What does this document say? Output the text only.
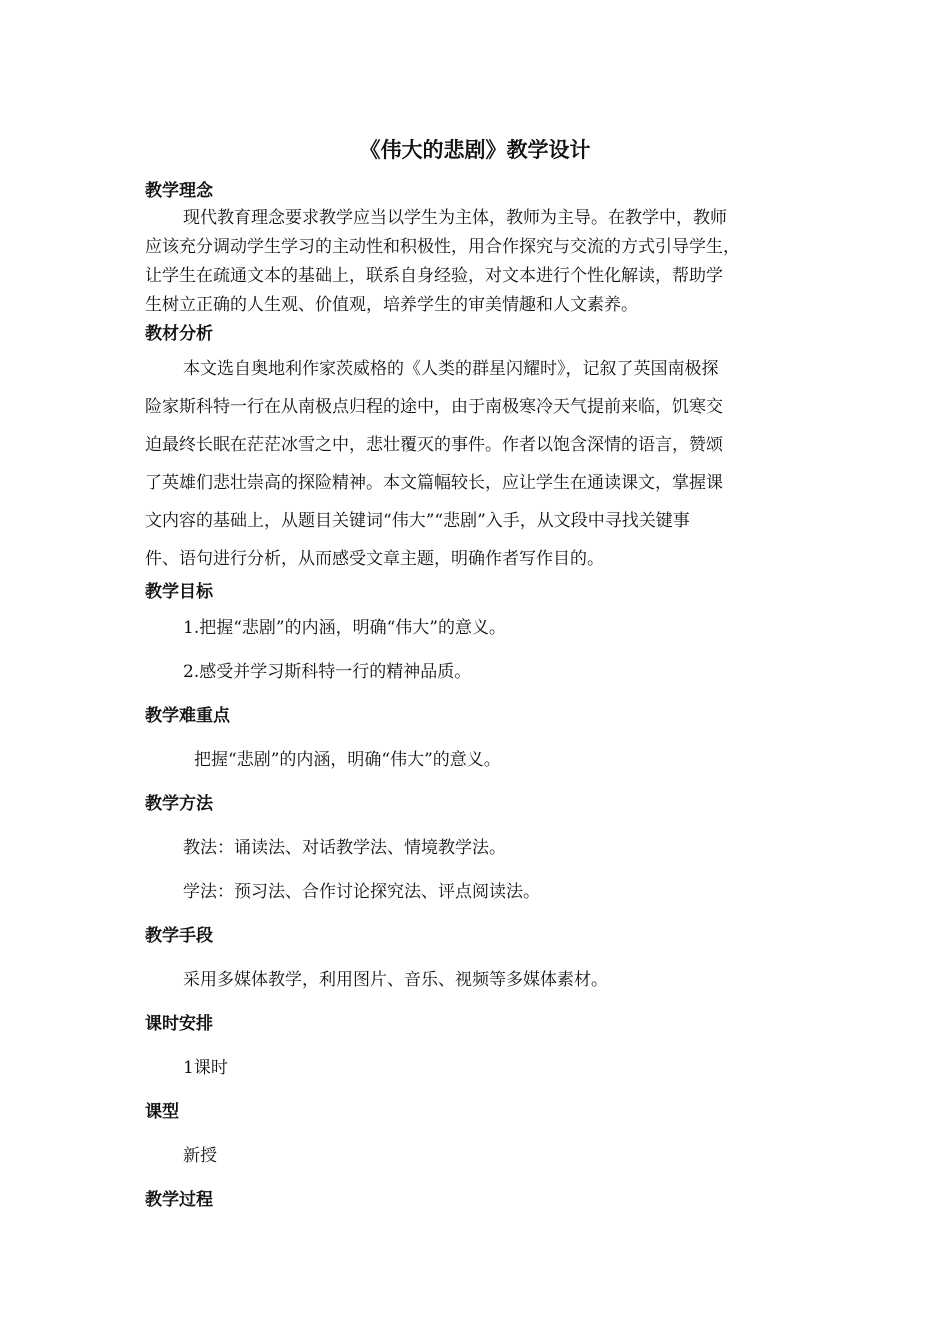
《伟大的悲剧》教学设计
教学理念
现代教育理念要求教学应当以学生为主体，教师为主导。在教学中，教师
应该充分调动学生学习的主动性和积极性，用合作探究与交流的方式引导学生，
让学生在疏通文本的基础上，联系自身经验，对文本进行个性化解读，帮助学
生树立正确的人生观、价值观，培养学生的审美情趣和人文素养。
教材分析
本文选自奥地利作家茨威格的《人类的群星闪耀时》，记叙了英国南极探
险家斯科特一行在从南极点归程的途中，由于南极寒冷天气提前来临，饥寒交
迫最终长眠在茫茫冰雪之中，悲壮覆灭的事件。作者以饱含深情的语言，赞颂
了英雄们悲壮崇高的探险精神。本文篇幅较长，应让学生在通读课文，掌握课
文内容的基础上，从题目关键词“伟大”“悲剧”入手，从文段中寻找关键事
件、语句进行分析，从而感受文章主题，明确作者写作目的。
教学目标
1.把握“悲剧”的内涵，明确“伟大”的意义。
2.感受并学习斯科特一行的精神品质。
教学难重点
把握“悲剧”的内涵，明确“伟大”的意义。
教学方法
教法：诵读法、对话教学法、情境教学法。
学法：预习法、合作讨论探究法、评点阅读法。
教学手段
采用多媒体教学，利用图片、音乐、视频等多媒体素材。
课时安排
1课时
课型
新授
教学过程
